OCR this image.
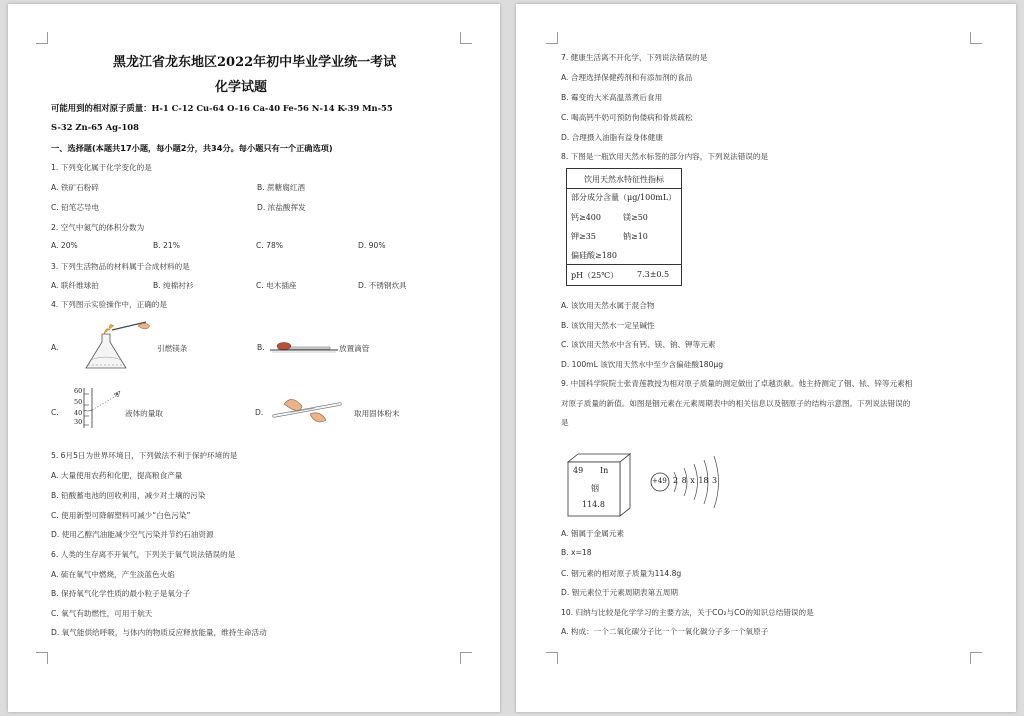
黑龙江省龙东地区2022年初中毕业学业统一考试
化学试题
可能用到的相对原子质量：H-1 C-12 Cu-64 O-16 Ca-40 Fe-56 N-14 K-39 Mn-55
S-32 Zn-65 Ag-108
一、选择题(本题共17小题，每小题2分，共34分。每小题只有一个正确选项)
1. 下列变化属于化学变化的是
A. 铁矿石粉碎	B. 蔗糖腐红酒
C. 铅笔芯导电	D. 浓盐酸挥发
2. 空气中氮气的体积分数为
A. 20%	B. 21%	C. 78%	D. 90%
3. 下列生活物品的材料属于合成材料的是
A. 联纤维球拍	B. 纯棉衬衫	C. 电木插座	D. 不锈钢炊具
4. 下列图示实验操作中，正确的是
A.	引燃镁条	B.	放置滴管
C.
60
50
40
30
液体的量取	D.	取用固体粉末
5. 6月5日为世界环境日，下列做法不利于保护环境的是
A. 大量使用农药和化肥，提高粮食产量
B. 铅酸蓄电池的回收利用，减少对土壤的污染
C. 使用新型可降解塑料可减少“白色污染”
D. 使用乙醇汽油能减少空气污染并节约石油资源
6. 人类的生存离不开氧气，下列关于氧气说法错误的是
A. 硫在氧气中燃烧，产生淡蓝色火焰
B. 保持氧气化学性质的最小粒子是氧分子
C. 氧气有助燃性，可用于航天
D. 氧气能供给呼吸，与体内的物质反应释放能量，维持生命活动
7. 健康生活离不开化学，下列说法错误的是
A. 合理选择保健药剂和有添加剂的食品
B. 霉变的大米高温蒸煮后食用
C. 喝高钙牛奶可预防佝偻病和骨质疏松
D. 合理摄入油脂有益身体健康
8. 下图是一瓶饮用天然水标签的部分内容，下列说法错误的是
饮用天然水特征性指标
部分成分含量（μg/100mL）
钙≥400	镁≥50
钾≥35	钠≥10
偏硅酸≥180
pH（25℃） 7.3±0.5
A. 该饮用天然水属于混合物
B. 该饮用天然水一定呈碱性
C. 该饮用天然水中含有钙、镁、钠、钾等元素
D. 100mL 该饮用天然水中至少含偏硅酸180μg
9. 中国科学院院士张青莲教授为相对原子质量的测定做出了卓越贡献。他主持测定了铟、铱、锌等元素相
对原子质量的新值。如图是铟元素在元素周期表中的相关信息以及铟原子的结构示意图。下列说法错误的
是
49 In
铟
114.8
+49 2 8 x 18 3
A. 铟属于金属元素
B. x=18
C. 铟元素的相对原子质量为114.8g
D. 铟元素位于元素周期表第五周期
10. 归纳与比较是化学学习的主要方法，关于CO₂与CO的知识总结错误的是
A. 构成：一个二氧化碳分子比一个一氧化碳分子多一个氧原子
